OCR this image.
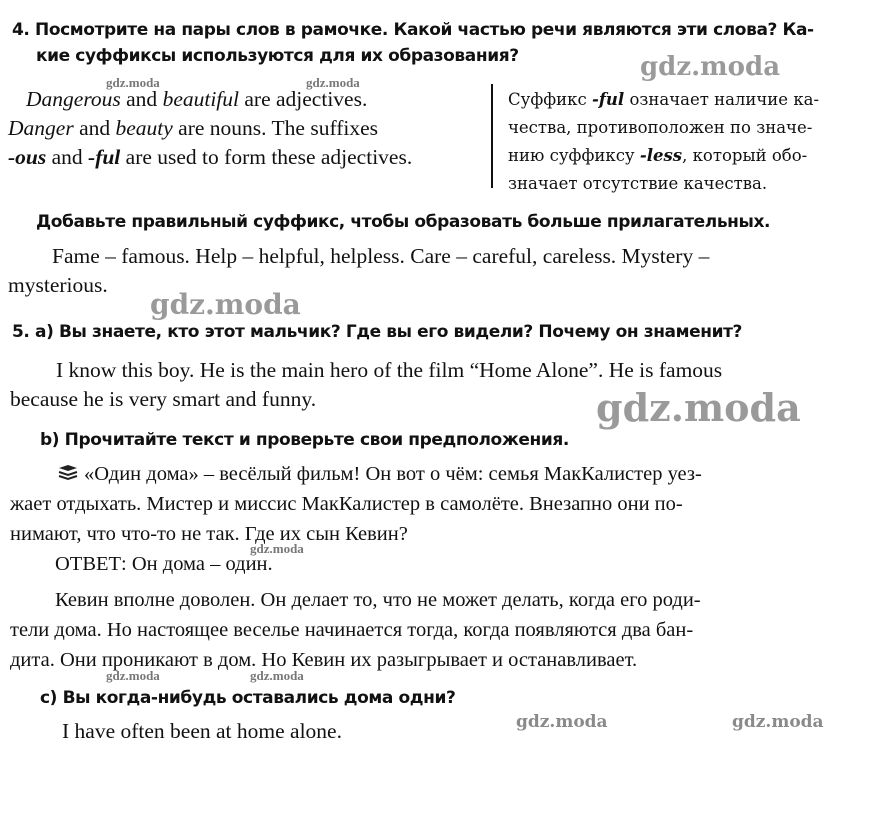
4. Посмотрите на пары слов в рамочке. Какой частью речи являются эти слова? Ка-
кие суффиксы используются для их образования?
Dangerous and beautiful are adjectives.
Danger and beauty are nouns. The suffixes
-ous and -ful are used to form these adjectives.
Суффикс -ful означает наличие ка-
чества, противоположен по значе-
нию суффиксу -less, который обо-
значает отсутствие качества.
Добавьте правильный суффикс, чтобы образовать больше прилагательных.
Fame – famous. Help – helpful, helpless. Care – careful, careless. Mystery –
mysterious.
5. а) Вы знаете, кто этот мальчик? Где вы его видели? Почему он знаменит?
I know this boy. He is the main hero of the film “Home Alone”. He is famous
because he is very smart and funny.
b) Прочитайте текст и проверьте свои предположения.
«Один дома» – весёлый фильм! Он вот о чём: семья МакКалистер уез-
жает отдыхать. Мистер и миссис МакКалистер в самолёте. Внезапно они по-
нимают, что что-то не так. Где их сын Кевин?
ОТВЕТ: Он дома – один.
Кевин вполне доволен. Он делает то, что не может делать, когда его роди-
тели дома. Но настоящее веселье начинается тогда, когда появляются два бан-
дита. Они проникают в дом. Но Кевин их разыгрывает и останавливает.
c) Вы когда-нибудь оставались дома одни?
I have often been at home alone.
gdz.moda
gdz.moda
gdz.moda
gdz.moda	gdz.moda
gdz.moda	gdz.moda
gdz.moda
gdz.moda	gdz.moda
